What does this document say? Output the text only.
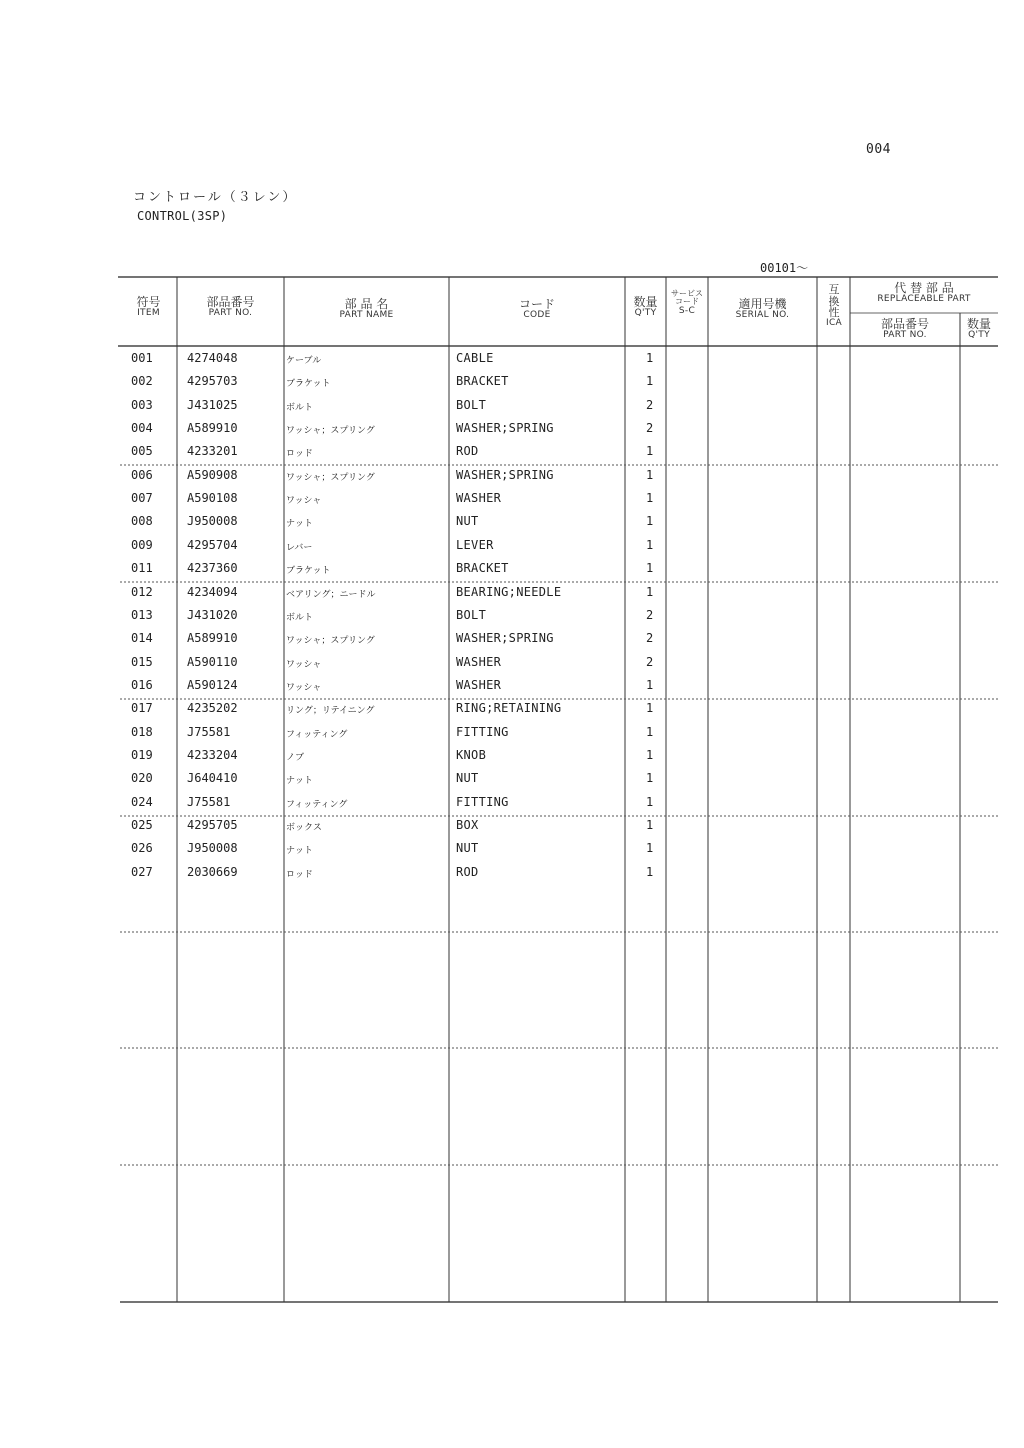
004
コントロール（３レン）
CONTROL(3SP)
00101～
符号
ITEM
部品番号
PART NO.
部 品 名
PART NAME
コード
CODE
数量
Q'TY
サービスコード
S-C	適用号機
SERIAL NO.
互換性
ICA
代 替 部 品
REPLACEABLE PART
部品番号
PART NO.
数量
Q'TY
001	4274048	ケーブル	CABLE	1
002	4295703	ブラケット	BRACKET	1
003	J431025	ボルト	BOLT	2
004	A589910	ワッシャ；スプリング	WASHER;SPRING	2
005	4233201	ロッド	ROD	1
006	A590908	ワッシャ；スプリング	WASHER;SPRING	1
007	A590108	ワッシャ	WASHER	1
008	J950008	ナット	NUT	1
009	4295704	レバー	LEVER	1
011	4237360	ブラケット	BRACKET	1
012	4234094	ベアリング；ニードル	BEARING;NEEDLE	1
013	J431020	ボルト	BOLT	2
014	A589910	ワッシャ；スプリング	WASHER;SPRING	2
015	A590110	ワッシャ	WASHER	2
016	A590124	ワッシャ	WASHER	1
017	4235202	リング；リテイニング	RING;RETAINING	1
018	J75581	フィッティング	FITTING	1
019	4233204	ノブ	KNOB	1
020	J640410	ナット	NUT	1
024	J75581	フィッティング	FITTING	1
025	4295705	ボックス	BOX	1
026	J950008	ナット	NUT	1
027	2030669	ロッド	ROD	1
